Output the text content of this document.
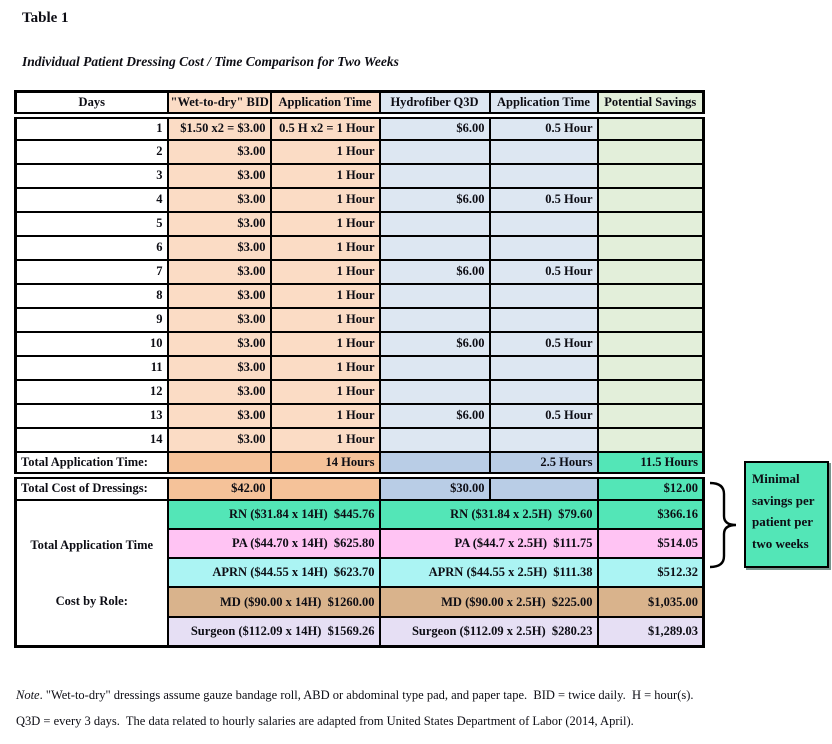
Table 1
Individual Patient Dressing Cost / Time Comparison for Two Weeks
Days	"Wet-to-dry" BID	Application Time	Hydrofiber Q3D	Application Time	Potential Savings
1	$1.50 x2 = $3.00	0.5 H x2 = 1 Hour	$6.00	0.5 Hour	
2	$3.00	1 Hour			
3	$3.00	1 Hour			
4	$3.00	1 Hour	$6.00	0.5 Hour	
5	$3.00	1 Hour			
6	$3.00	1 Hour			
7	$3.00	1 Hour	$6.00	0.5 Hour	
8	$3.00	1 Hour			
9	$3.00	1 Hour			
10	$3.00	1 Hour	$6.00	0.5 Hour	
11	$3.00	1 Hour			
12	$3.00	1 Hour			
13	$3.00	1 Hour	$6.00	0.5 Hour	
14	$3.00	1 Hour			
Total Application Time:		14 Hours		2.5 Hours	11.5 Hours
Total Cost of Dressings:	$42.00		$30.00		$12.00

Total Application Time

Cost by Role:	RN ($31.84 x 14H)  $445.76		RN ($31.84 x 2.5H)  $79.60		$366.16
	PA ($44.70 x 14H)  $625.80		PA ($44.7 x 2.5H)  $111.75		$514.05
	APRN ($44.55 x 14H)  $623.70		APRN ($44.55 x 2.5H)  $111.38		$512.32
	MD ($90.00 x 14H)  $1260.00		MD ($90.00 x 2.5H)  $225.00		$1,035.00
	Surgeon ($112.09 x 14H)  $1569.26		Surgeon ($112.09 x 2.5H)  $280.23		$1,289.03
Minimal
savings per
patient per
two weeks
Note. "Wet-to-dry" dressings assume gauze bandage roll, ABD or abdominal type pad, and paper tape.  BID = twice daily.  H = hour(s).
Q3D = every 3 days.  The data related to hourly salaries are adapted from United States Department of Labor (2014, April).
